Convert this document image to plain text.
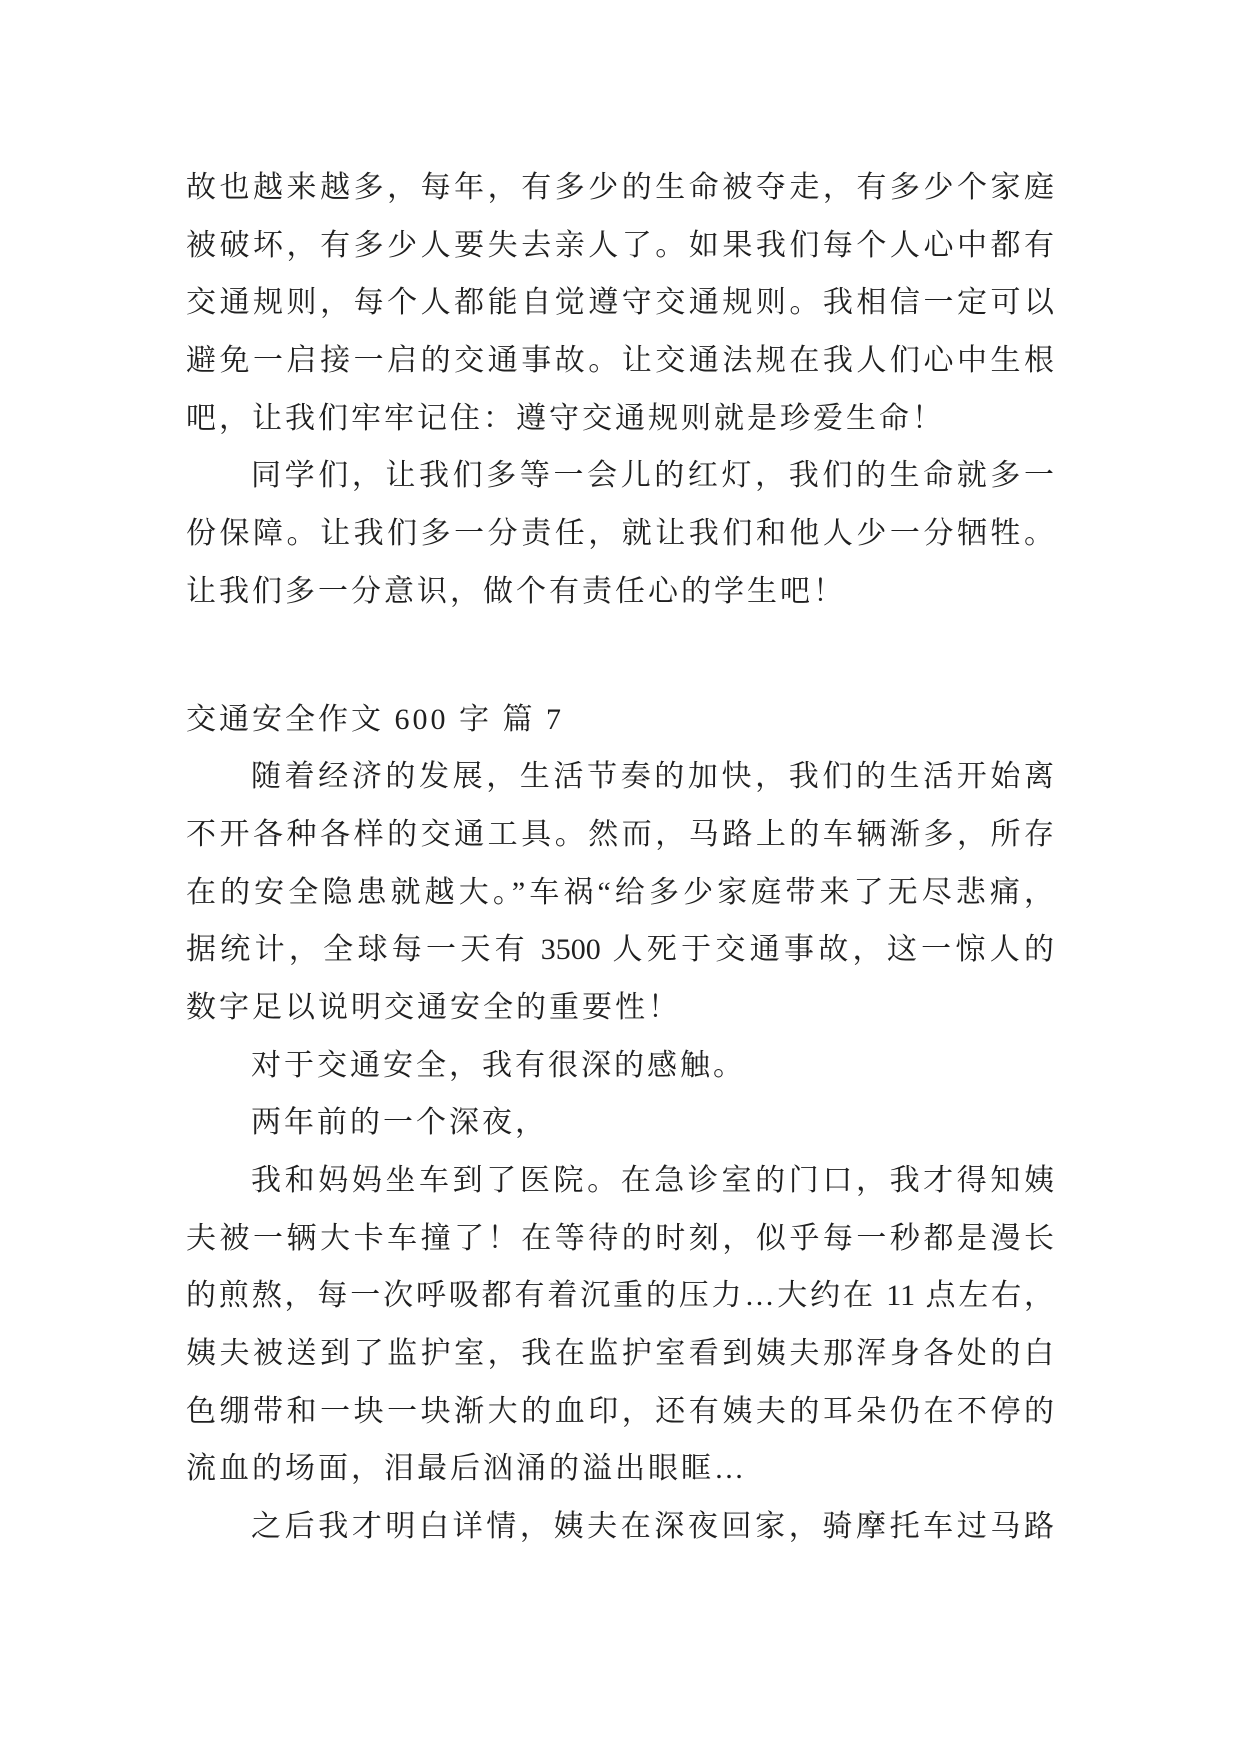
故也越来越多，每年，有多少的生命被夺走，有多少个家庭
被破坏，有多少人要失去亲人了。如果我们每个人心中都有
交通规则，每个人都能自觉遵守交通规则。我相信一定可以
避免一启接一启的交通事故。让交通法规在我人们心中生根
吧，让我们牢牢记住：遵守交通规则就是珍爱生命！
同学们，让我们多等一会儿的红灯，我们的生命就多一
份保障。让我们多一分责任，就让我们和他人少一分牺牲。
让我们多一分意识，做个有责任心的学生吧！
交通安全作文 600 字 篇 7
随着经济的发展，生活节奏的加快，我们的生活开始离
不开各种各样的交通工具。然而，马路上的车辆渐多，所存
在的安全隐患就越大。”车祸“给多少家庭带来了无尽悲痛，
据统计，全球每一天有 3500 人死于交通事故，这一惊人的
数字足以说明交通安全的重要性！
对于交通安全，我有很深的感触。
两年前的一个深夜，
我和妈妈坐车到了医院。在急诊室的门口，我才得知姨
夫被一辆大卡车撞了！在等待的时刻，似乎每一秒都是漫长
的煎熬，每一次呼吸都有着沉重的压力…大约在 11 点左右，
姨夫被送到了监护室，我在监护室看到姨夫那浑身各处的白
色绷带和一块一块渐大的血印，还有姨夫的耳朵仍在不停的
流血的场面，泪最后汹涌的溢出眼眶…
之后我才明白详情，姨夫在深夜回家，骑摩托车过马路
